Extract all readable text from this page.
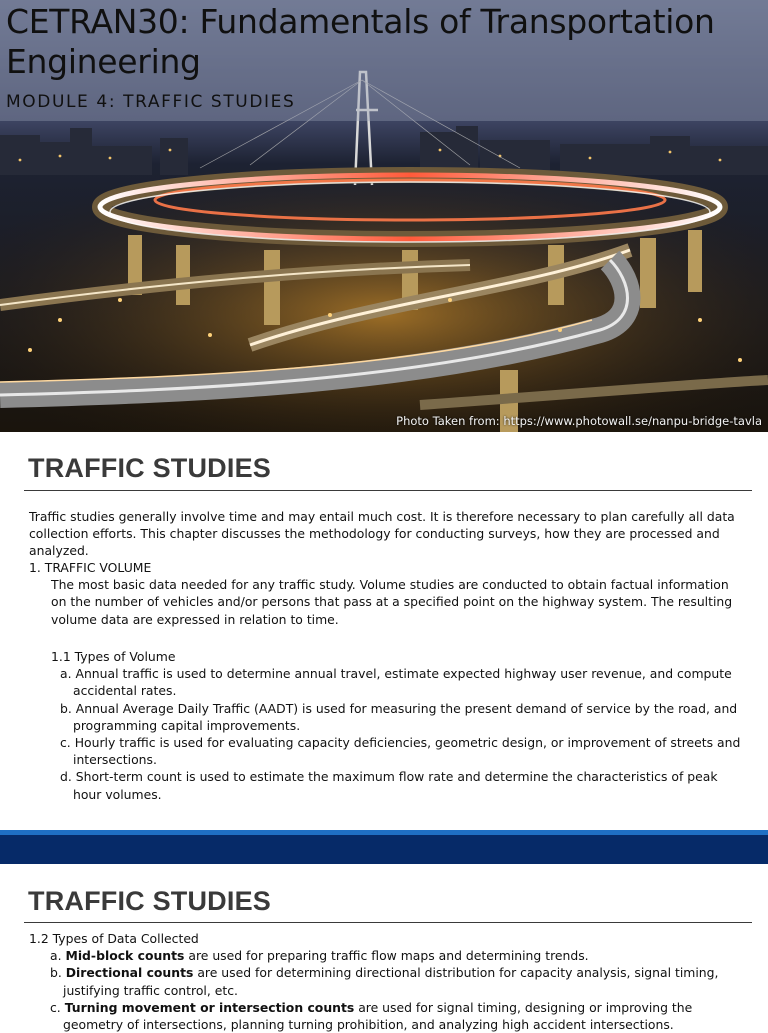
CETRAN30: Fundamentals of Transportation Engineering
MODULE 4: TRAFFIC STUDIES
Photo Taken from: https://www.photowall.se/nanpu-bridge-tavla
TRAFFIC STUDIES
Traffic studies generally involve time and may entail much cost. It is therefore necessary to plan carefully all data collection efforts. This chapter discusses the methodology for conducting surveys, how they are processed and analyzed.
1. TRAFFIC VOLUME
The most basic data needed for any traffic study. Volume studies are conducted to obtain factual information on the number of vehicles and/or persons that pass at a specified point on the highway system. The resulting volume data are expressed in relation to time.
1.1 Types of Volume
a. Annual traffic is used to determine annual travel, estimate expected highway user revenue, and compute accidental rates.
b. Annual Average Daily Traffic (AADT) is used for measuring the present demand of service by the road, and programming capital improvements.
c. Hourly traffic is used for evaluating capacity deficiencies, geometric design, or improvement of streets and intersections.
d. Short-term count is used to estimate the maximum flow rate and determine the characteristics of peak hour volumes.
TRAFFIC STUDIES
1.2 Types of Data Collected
a. Mid-block counts are used for preparing traffic flow maps and determining trends.
b. Directional counts are used for determining directional distribution for capacity analysis, signal timing, justifying traffic control, etc.
c. Turning movement or intersection counts are used for signal timing, designing or improving the geometry of intersections, planning turning prohibition, and analyzing high accident intersections.
